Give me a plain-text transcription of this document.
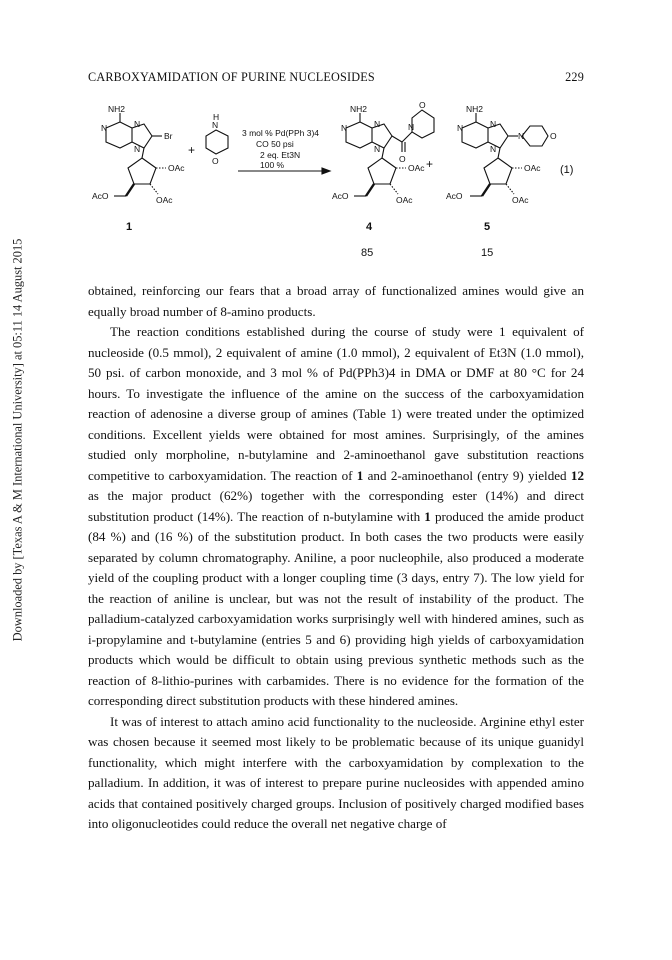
Downloaded by [Texas A & M International University] at 05:11 14 August 2015
CARBOXYAMIDATION OF PURINE NUCLEOSIDES	229
NH2
Br
OAc
OAc
AcO
N	N
N
1
+
N
H
O
3 mol % Pd(PPh 3)4
CO 50 psi
2 eq. Et3N
100 %
NH2
O
N
O
OAc
OAc
AcO
N	N
N
4
85
+
NH2
N	O
OAc
OAc
AcO
N	N
N
5
15
(1)

obtained, reinforcing our fears that a broad array of functionalized amines would give an equally broad number of 8-amino products.

The reaction conditions established during the course of study were 1 equivalent of nucleoside (0.5 mmol), 2 equivalent of amine (1.0 mmol), 2 equivalent of Et3N (1.0 mmol), 50 psi. of carbon monoxide, and 3 mol % of Pd(PPh3)4 in DMA or DMF at 80 °C for 24 hours. To investigate the influence of the amine on the success of the carboxyamidation reaction of adenosine a diverse group of amines (Table 1) were treated under the optimized conditions. Excellent yields were obtained for most amines. Surprisingly, of the amines studied only morpholine, n-butylamine and 2-aminoethanol gave substitution reactions competitive to carboxyamidation. The reaction of 1 and 2-aminoethanol (entry 9) yielded 12 as the major product (62%) together with the corresponding ester (14%) and direct substitution product (14%). The reaction of n-butylamine with 1 produced the amide product (84 %) and (16 %) of the substitution product. In both cases the two products were easily separated by column chromatography. Aniline, a poor nucleophile, also produced a moderate yield of the coupling product with a longer coupling time (3 days, entry 7). The low yield for the reaction of aniline is unclear, but was not the result of instability of the product. The palladium-catalyzed carboxyamidation works surprisingly well with hindered amines, such as i-propylamine and t-butylamine (entries 5 and 6) providing high yields of carboxyamidation products which would be difficult to obtain using previous synthetic methods such as the reaction of 8-lithio-purines with carbamides. There is no evidence for the formation of the corresponding direct substitution products with these hindered amines.

It was of interest to attach amino acid functionality to the nucleoside. Arginine ethyl ester was chosen because it seemed most likely to be problematic because of its unique guanidyl functionality, which might interfere with the carboxyamidation by complexation to the palladium. In addition, it was of interest to prepare purine nucleosides with appended amino acids that contained positively charged groups. Inclusion of positively charged modified bases into oligonucleotides could reduce the overall net negative charge of
